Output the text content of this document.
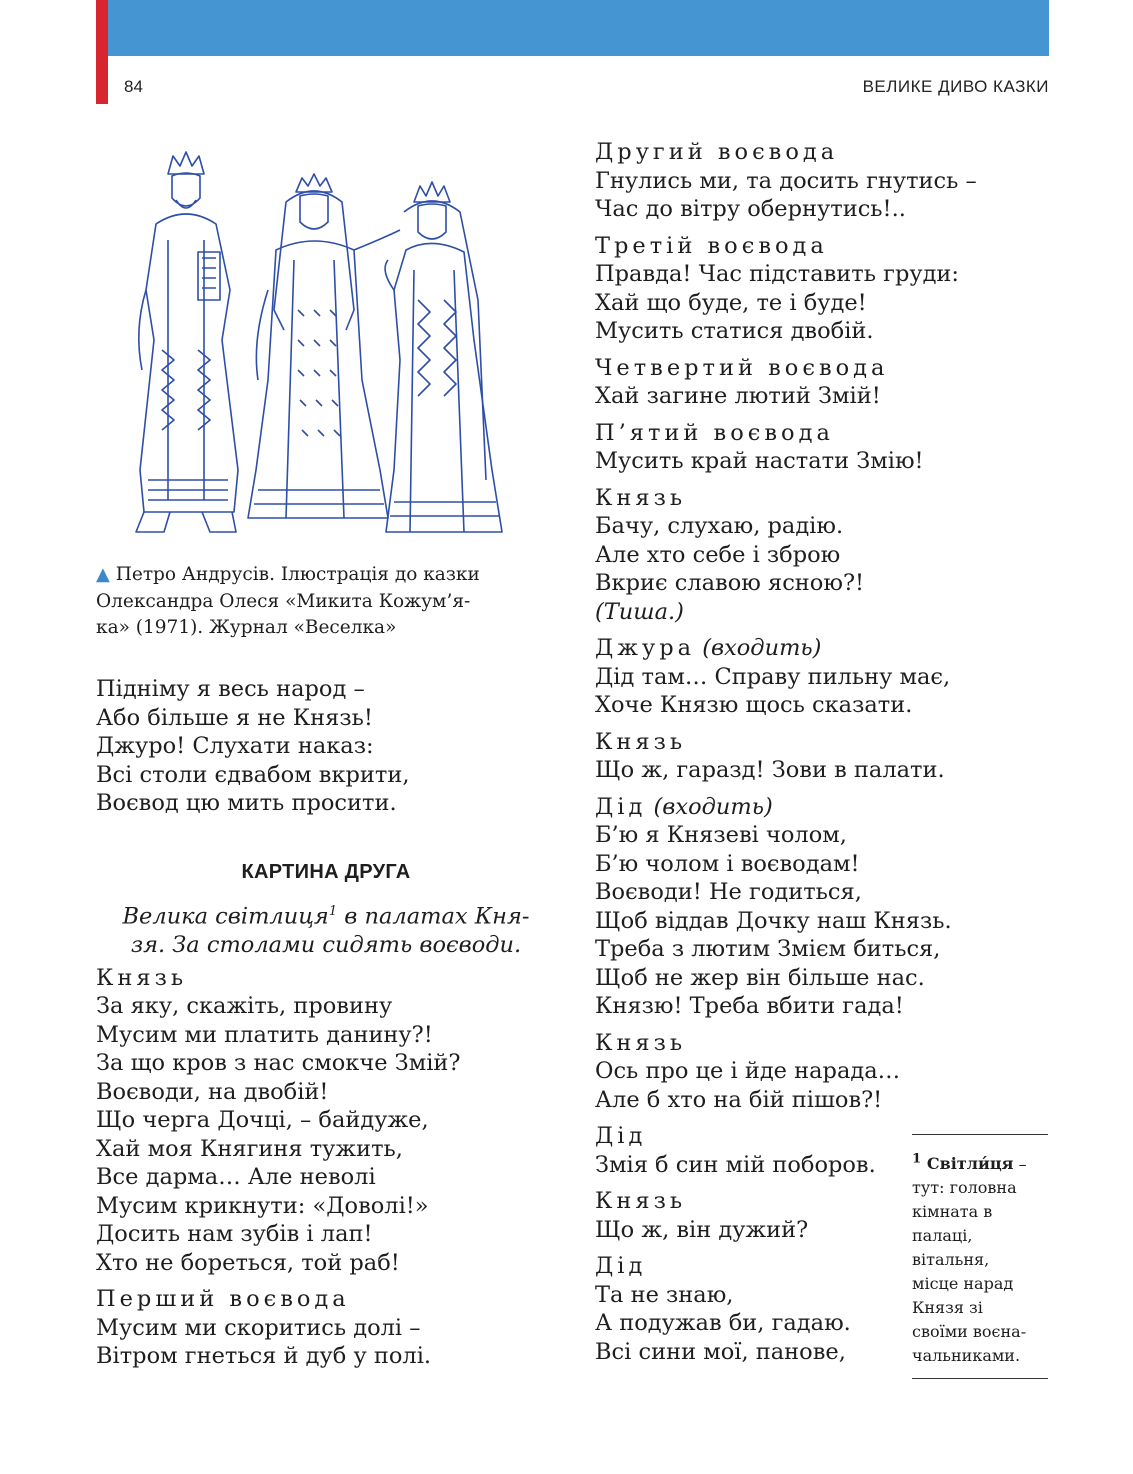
84	ВЕЛИКЕ ДИВО КАЗКИ
▲ Петро Андрусів. Ілюстрація до казки
Олександра Олеся «Микита Кожум’я-
ка» (1971). Журнал «Веселка»
Підніму я весь народ –
Або більше я не Князь!
Джуро! Слухати наказ:
Всі столи єдвабом вкрити,
Воєвод цю мить просити.
КАРТИНА ДРУГА
Велика світлиця$^1$ в палатах Кня-
зя. За столами сидять воєводи.
Князь
За яку, скажіть, провину
Мусим ми платить данину?!
За що кров з нас смокче Змій?
Воєводи, на двобій!
Що черга Дочці, – байдуже,
Хай моя Княгиня тужить,
Все дарма… Але неволі
Мусим крикнути: «Доволі!»
Досить нам зубів і лап!
Хто не бореться, той раб!
Перший воєвода
Мусим ми скоритись долі –
Вітром гнеться й дуб у полі.
Другий воєвода
Гнулись ми, та досить гнутись –
Час до вітру обернутись!..
Третій воєвода
Правда! Час підставить груди:
Хай що буде, те і буде!
Мусить статися двобій.
Четвертий воєвода
Хай загине лютий Змій!
П’ятий воєвода
Мусить край настати Змію!
Князь
Бачу, слухаю, радію.
Але хто себе і зброю
Вкриє славою ясною?!
(Тиша.)
Джура (входить)
Дід там… Справу пильну має,
Хоче Князю щось сказати.
Князь
Що ж, гаразд! Зови в палати.
Дід (входить)
Б’ю я Князеві чолом,
Б’ю чолом і воєводам!
Воєводи! Не годиться,
Щоб віддав Дочку наш Князь.
Треба з лютим Змієм биться,
Щоб не жер він більше нас.
Князю! Треба вбити гада!
Князь
Ось про це і йде нарада…
Але б хто на бій пішов?!
Дід
Змія б син мій поборов.
Князь
Що ж, він дужий?
Дід
Та не знаю,
А подужав би, гадаю.
Всі сини мої, панове,
$^1$ Світли́ця –
тут: головна
кімната в
палаці,
вітальня,
місце нарад
Князя зі
своїми воєна-
чальниками.
